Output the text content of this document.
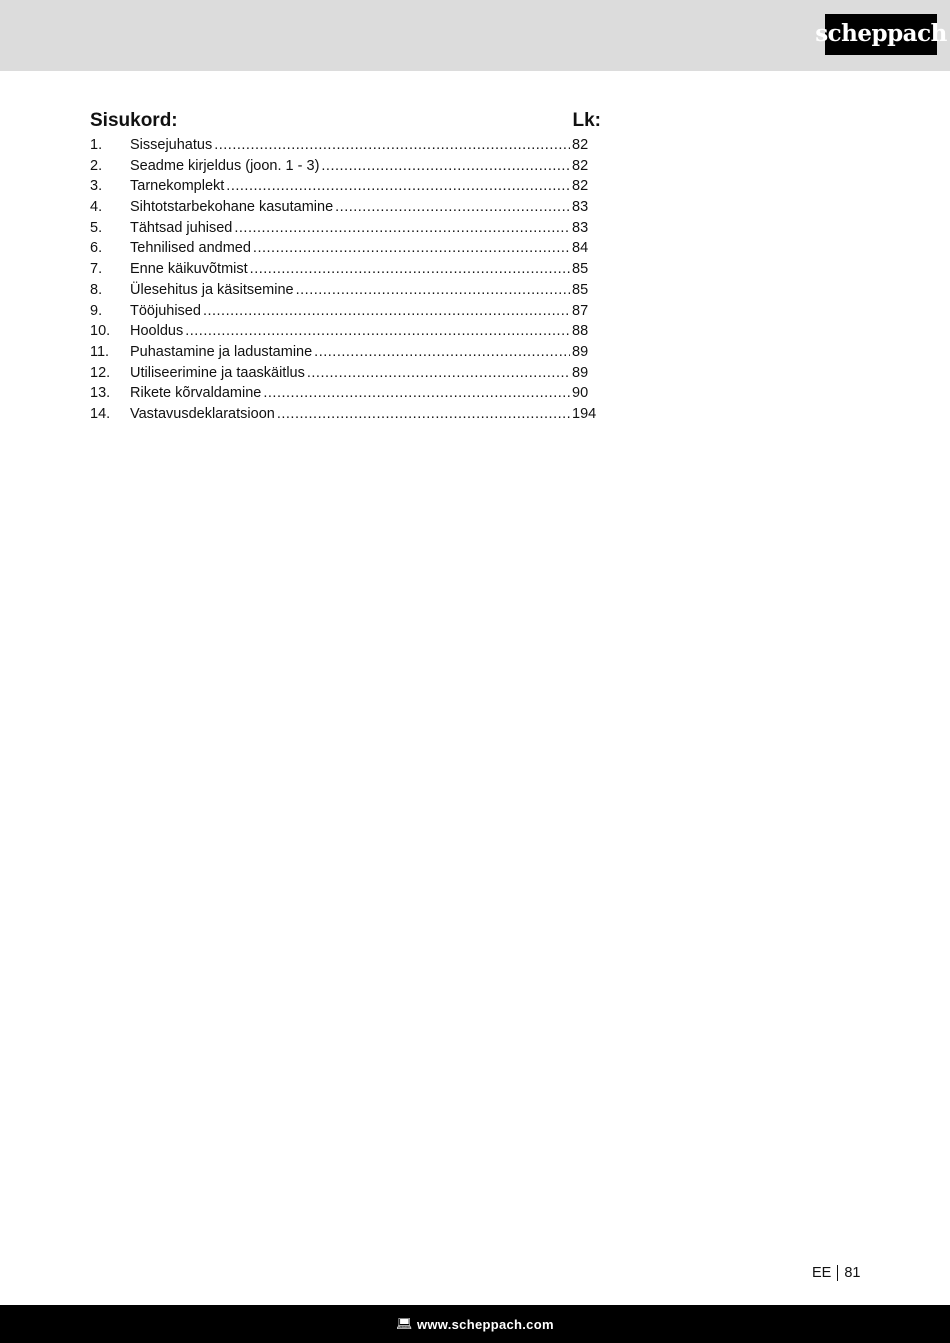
scheppach
Sisukord:	Lk:
1.	Sissejuhatus .....	82
2.	Seadme kirjeldus (joon. 1 - 3) .....	82
3.	Tarnekomplekt .....	82
4.	Sihtotstarbekohane kasutamine .....	83
5.	Tähtsad juhised .....	83
6.	Tehnilised andmed .....	84
7.	Enne käikuvõtmist .....	85
8.	Ülesehitus ja käsitsemine .....	85
9.	Tööjuhised .....	87
10.	Hooldus .....	88
11.	Puhastamine ja ladustamine .....	89
12.	Utiliseerimine ja taaskäitlus .....	89
13.	Rikete kõrvaldamine .....	90
14.	Vastavusdeklaratsioon .....	194
EE 81
💻︎ www.scheppach.com
